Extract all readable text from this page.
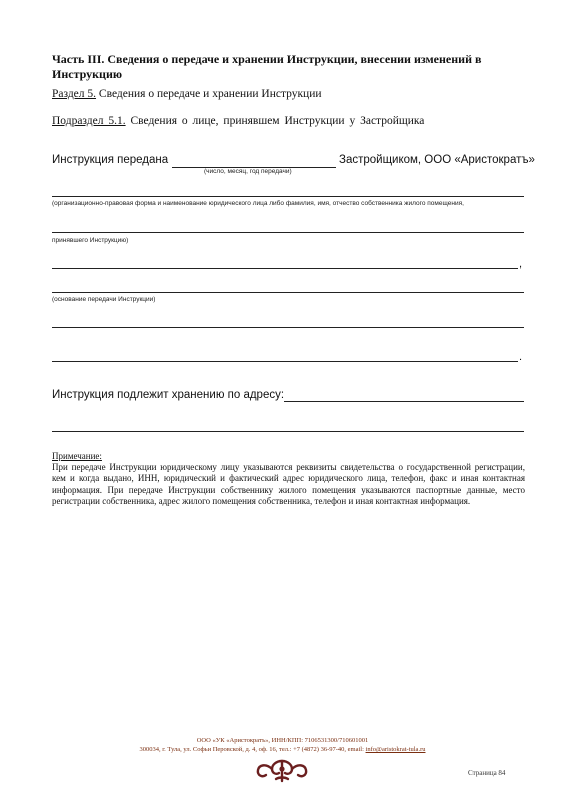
Часть III. Сведения о передаче и хранении Инструкции, внесении изменений в Инструкцию
Раздел 5. Сведения о передаче и хранении Инструкции
Подраздел 5.1. Сведения о лице, принявшем Инструкции у Застройщика
Инструкция передана	Застройщиком, ООО «Аристократъ»
(число, месяц, год передачи)
(организационно-правовая форма и наименование юридического лица либо фамилия, имя, отчество собственника жилого помещения,
принявшего Инструкцию)
,
(основание передачи Инструкции)
.
Инструкция подлежит хранению по адресу:
Примечание:
При передаче Инструкции юридическому лицу указываются реквизиты свидетельства о государственной регистрации, кем и когда выдано, ИНН, юридический и фактический адрес юридического лица, телефон, факс и иная контактная информация. При передаче Инструкции собственнику жилого помещения указываются паспортные данные, место регистрации собственника, адрес жилого помещения собственника, телефон и иная контактная информация.
ООО «УК «Аристократъ», ИНН/КПП: 7106531300/710601001
300034, г. Тула, ул. Софьи Перовской, д. 4, оф. 16, тел.: +7 (4872) 36-97-40, email: info@aristokrat-tula.ru
Страница 84
